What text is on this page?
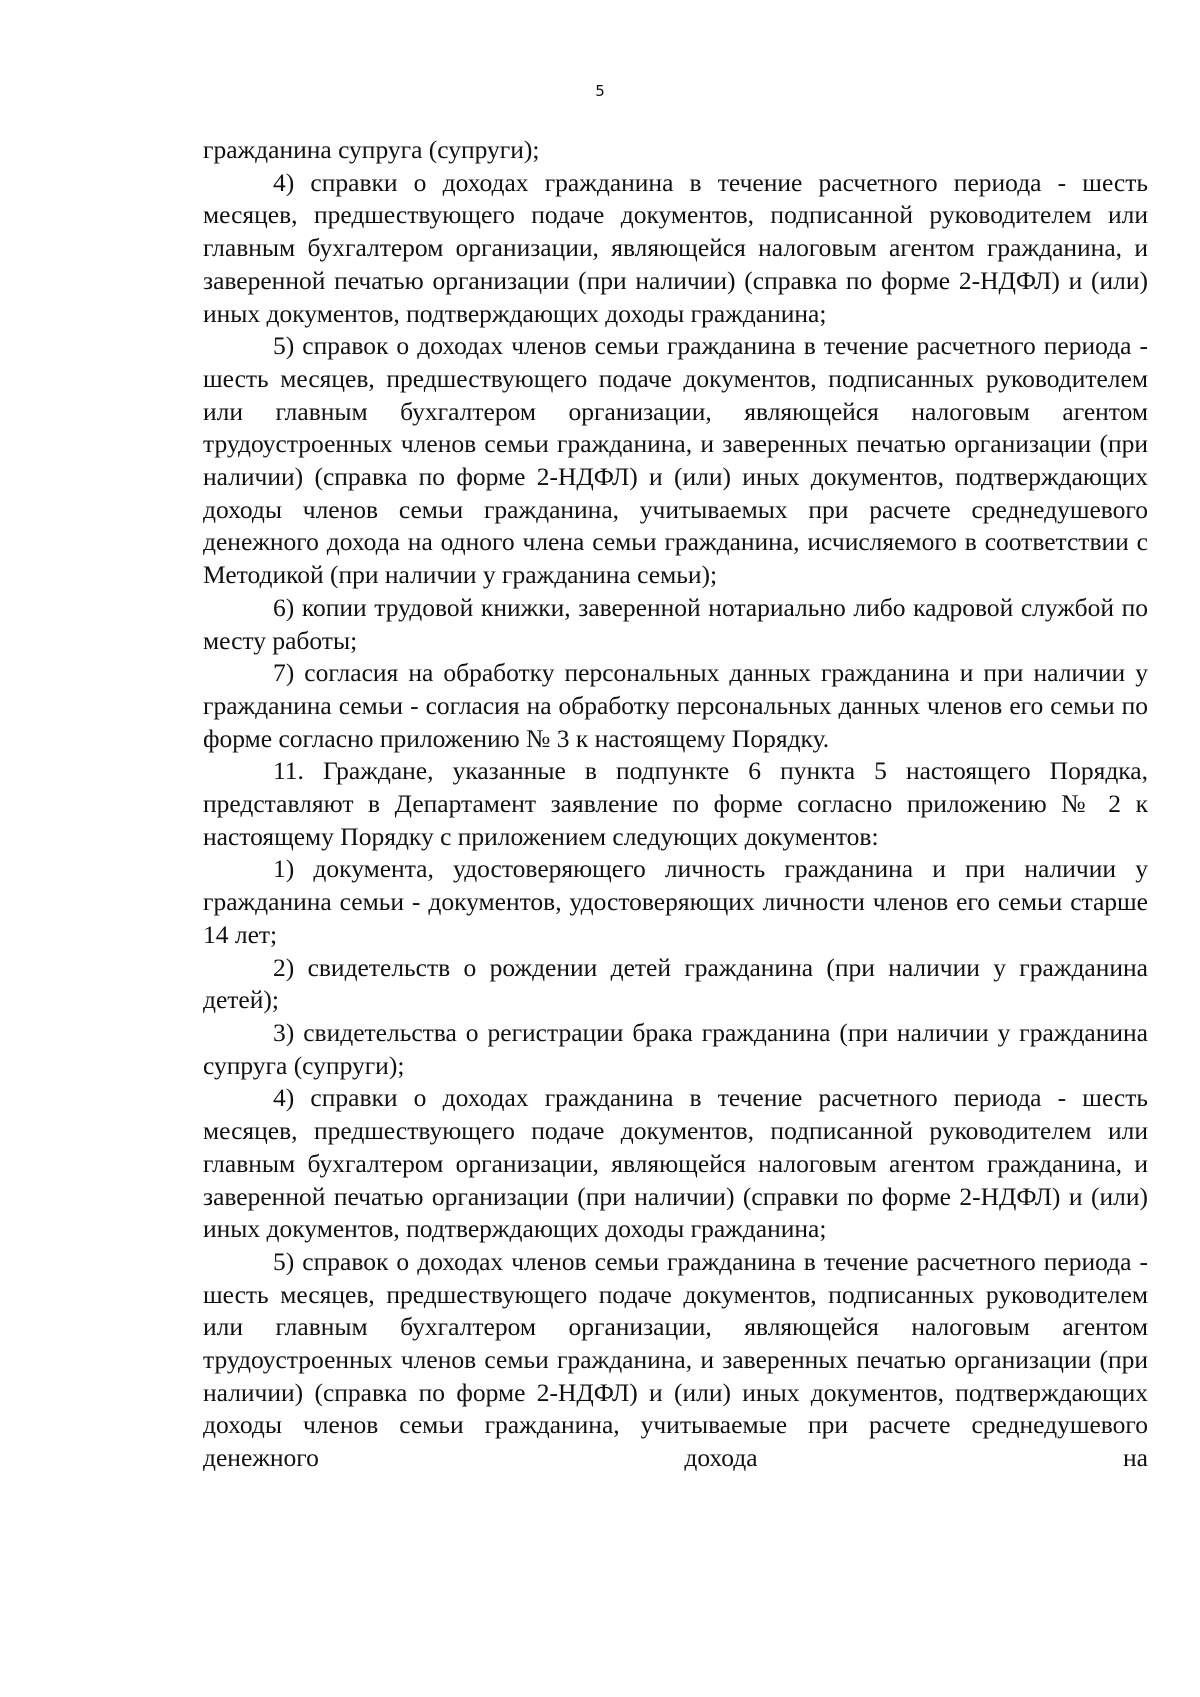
5

гражданина супруга (супруги);

4) справки о доходах гражданина в течение расчетного периода - шесть месяцев, предшествующего подаче документов, подписанной руководителем или главным бухгалтером организации, являющейся налоговым агентом гражданина, и заверенной печатью организации (при наличии) (справка по форме 2-НДФЛ) и (или) иных документов, подтверждающих доходы гражданина;

5) справок о доходах членов семьи гражданина в течение расчетного периода - шесть месяцев, предшествующего подаче документов, подписанных руководителем или главным бухгалтером организации, являющейся налоговым агентом трудоустроенных членов семьи гражданина, и заверенных печатью организации (при наличии) (справка по форме 2-НДФЛ) и (или) иных документов, подтверждающих доходы членов семьи гражданина, учитываемых при расчете среднедушевого денежного дохода на одного члена семьи гражданина, исчисляемого в соответствии с Методикой (при наличии у гражданина семьи);

6) копии трудовой книжки, заверенной нотариально либо кадровой службой по месту работы;

7) согласия на обработку персональных данных гражданина и при наличии у гражданина семьи - согласия на обработку персональных данных членов его семьи по форме согласно приложению № 3 к настоящему Порядку.

11. Граждане, указанные в подпункте 6 пункта 5 настоящего Порядка, представляют в Департамент заявление по форме согласно приложению № 2 к настоящему Порядку с приложением следующих документов:

1) документа, удостоверяющего личность гражданина и при наличии у гражданина семьи - документов, удостоверяющих личности членов его семьи старше 14 лет;

2) свидетельств о рождении детей гражданина (при наличии у гражданина детей);

3) свидетельства о регистрации брака гражданина (при наличии у гражданина супруга (супруги);

4) справки о доходах гражданина в течение расчетного периода - шесть месяцев, предшествующего подаче документов, подписанной руководителем или главным бухгалтером организации, являющейся налоговым агентом гражданина, и заверенной печатью организации (при наличии) (справки по форме 2-НДФЛ) и (или) иных документов, подтверждающих доходы гражданина;

5) справок о доходах членов семьи гражданина в течение расчетного периода - шесть месяцев, предшествующего подаче документов, подписанных руководителем или главным бухгалтером организации, являющейся налоговым агентом трудоустроенных членов семьи гражданина, и заверенных печатью организации (при наличии) (справка по форме 2-НДФЛ) и (или) иных документов, подтверждающих доходы членов семьи гражданина, учитываемые при расчете среднедушевого денежного дохода на
